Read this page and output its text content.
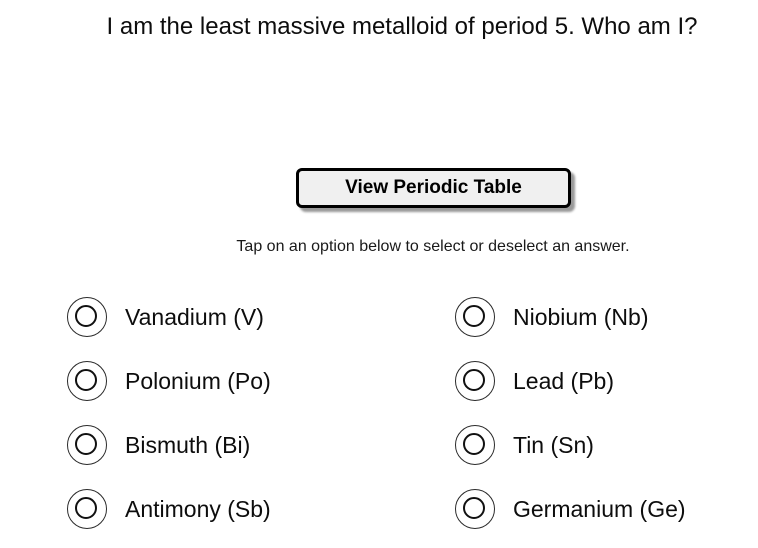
I am the least massive metalloid of period 5. Who am I?
View Periodic Table
Tap on an option below to select or deselect an answer.
Vanadium (V)
Polonium (Po)
Bismuth (Bi)
Antimony (Sb)
Niobium (Nb)
Lead (Pb)
Tin (Sn)
Germanium (Ge)
